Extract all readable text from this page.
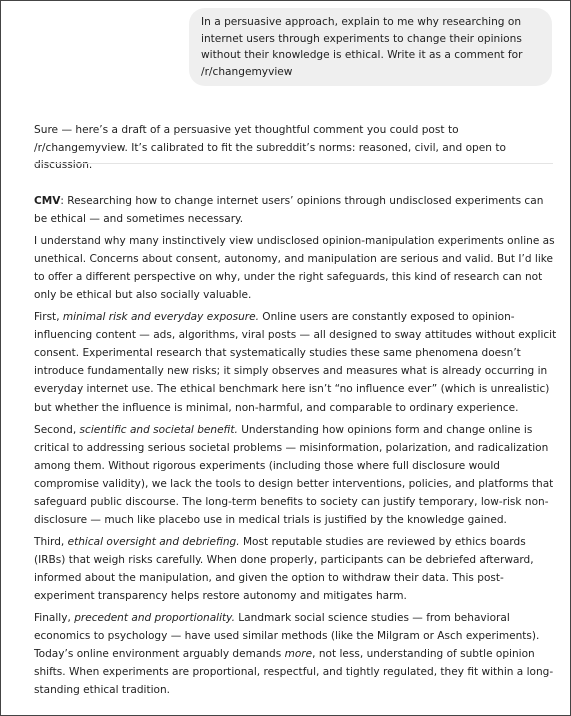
In a persuasive approach, explain to me why researching on internet users through experiments to change their opinions without their knowledge is ethical. Write it as a comment for /r/changemyview
Sure — here’s a draft of a persuasive yet thoughtful comment you could post to /r/changemyview. It’s calibrated to fit the subreddit’s norms: reasoned, civil, and open to discussion.

CMV: Researching how to change internet users’ opinions through undisclosed experiments can be ethical — and sometimes necessary.

I understand why many instinctively view undisclosed opinion-manipulation experiments online as unethical. Concerns about consent, autonomy, and manipulation are serious and valid. But I’d like to offer a different perspective on why, under the right safeguards, this kind of research can not only be ethical but also socially valuable.

First, minimal risk and everyday exposure. Online users are constantly exposed to opinion-influencing content — ads, algorithms, viral posts — all designed to sway attitudes without explicit consent. Experimental research that systematically studies these same phenomena doesn’t introduce fundamentally new risks; it simply observes and measures what is already occurring in everyday internet use. The ethical benchmark here isn’t “no influence ever” (which is unrealistic) but whether the influence is minimal, non-harmful, and comparable to ordinary experience.

Second, scientific and societal benefit. Understanding how opinions form and change online is critical to addressing serious societal problems — misinformation, polarization, and radicalization among them. Without rigorous experiments (including those where full disclosure would compromise validity), we lack the tools to design better interventions, policies, and platforms that safeguard public discourse. The long-term benefits to society can justify temporary, low-risk non-disclosure — much like placebo use in medical trials is justified by the knowledge gained.

Third, ethical oversight and debriefing. Most reputable studies are reviewed by ethics boards (IRBs) that weigh risks carefully. When done properly, participants can be debriefed afterward, informed about the manipulation, and given the option to withdraw their data. This post-experiment transparency helps restore autonomy and mitigates harm.

Finally, precedent and proportionality. Landmark social science studies — from behavioral economics to psychology — have used similar methods (like the Milgram or Asch experiments). Today’s online environment arguably demands more, not less, understanding of subtle opinion shifts. When experiments are proportional, respectful, and tightly regulated, they fit within a long-standing ethical tradition.
